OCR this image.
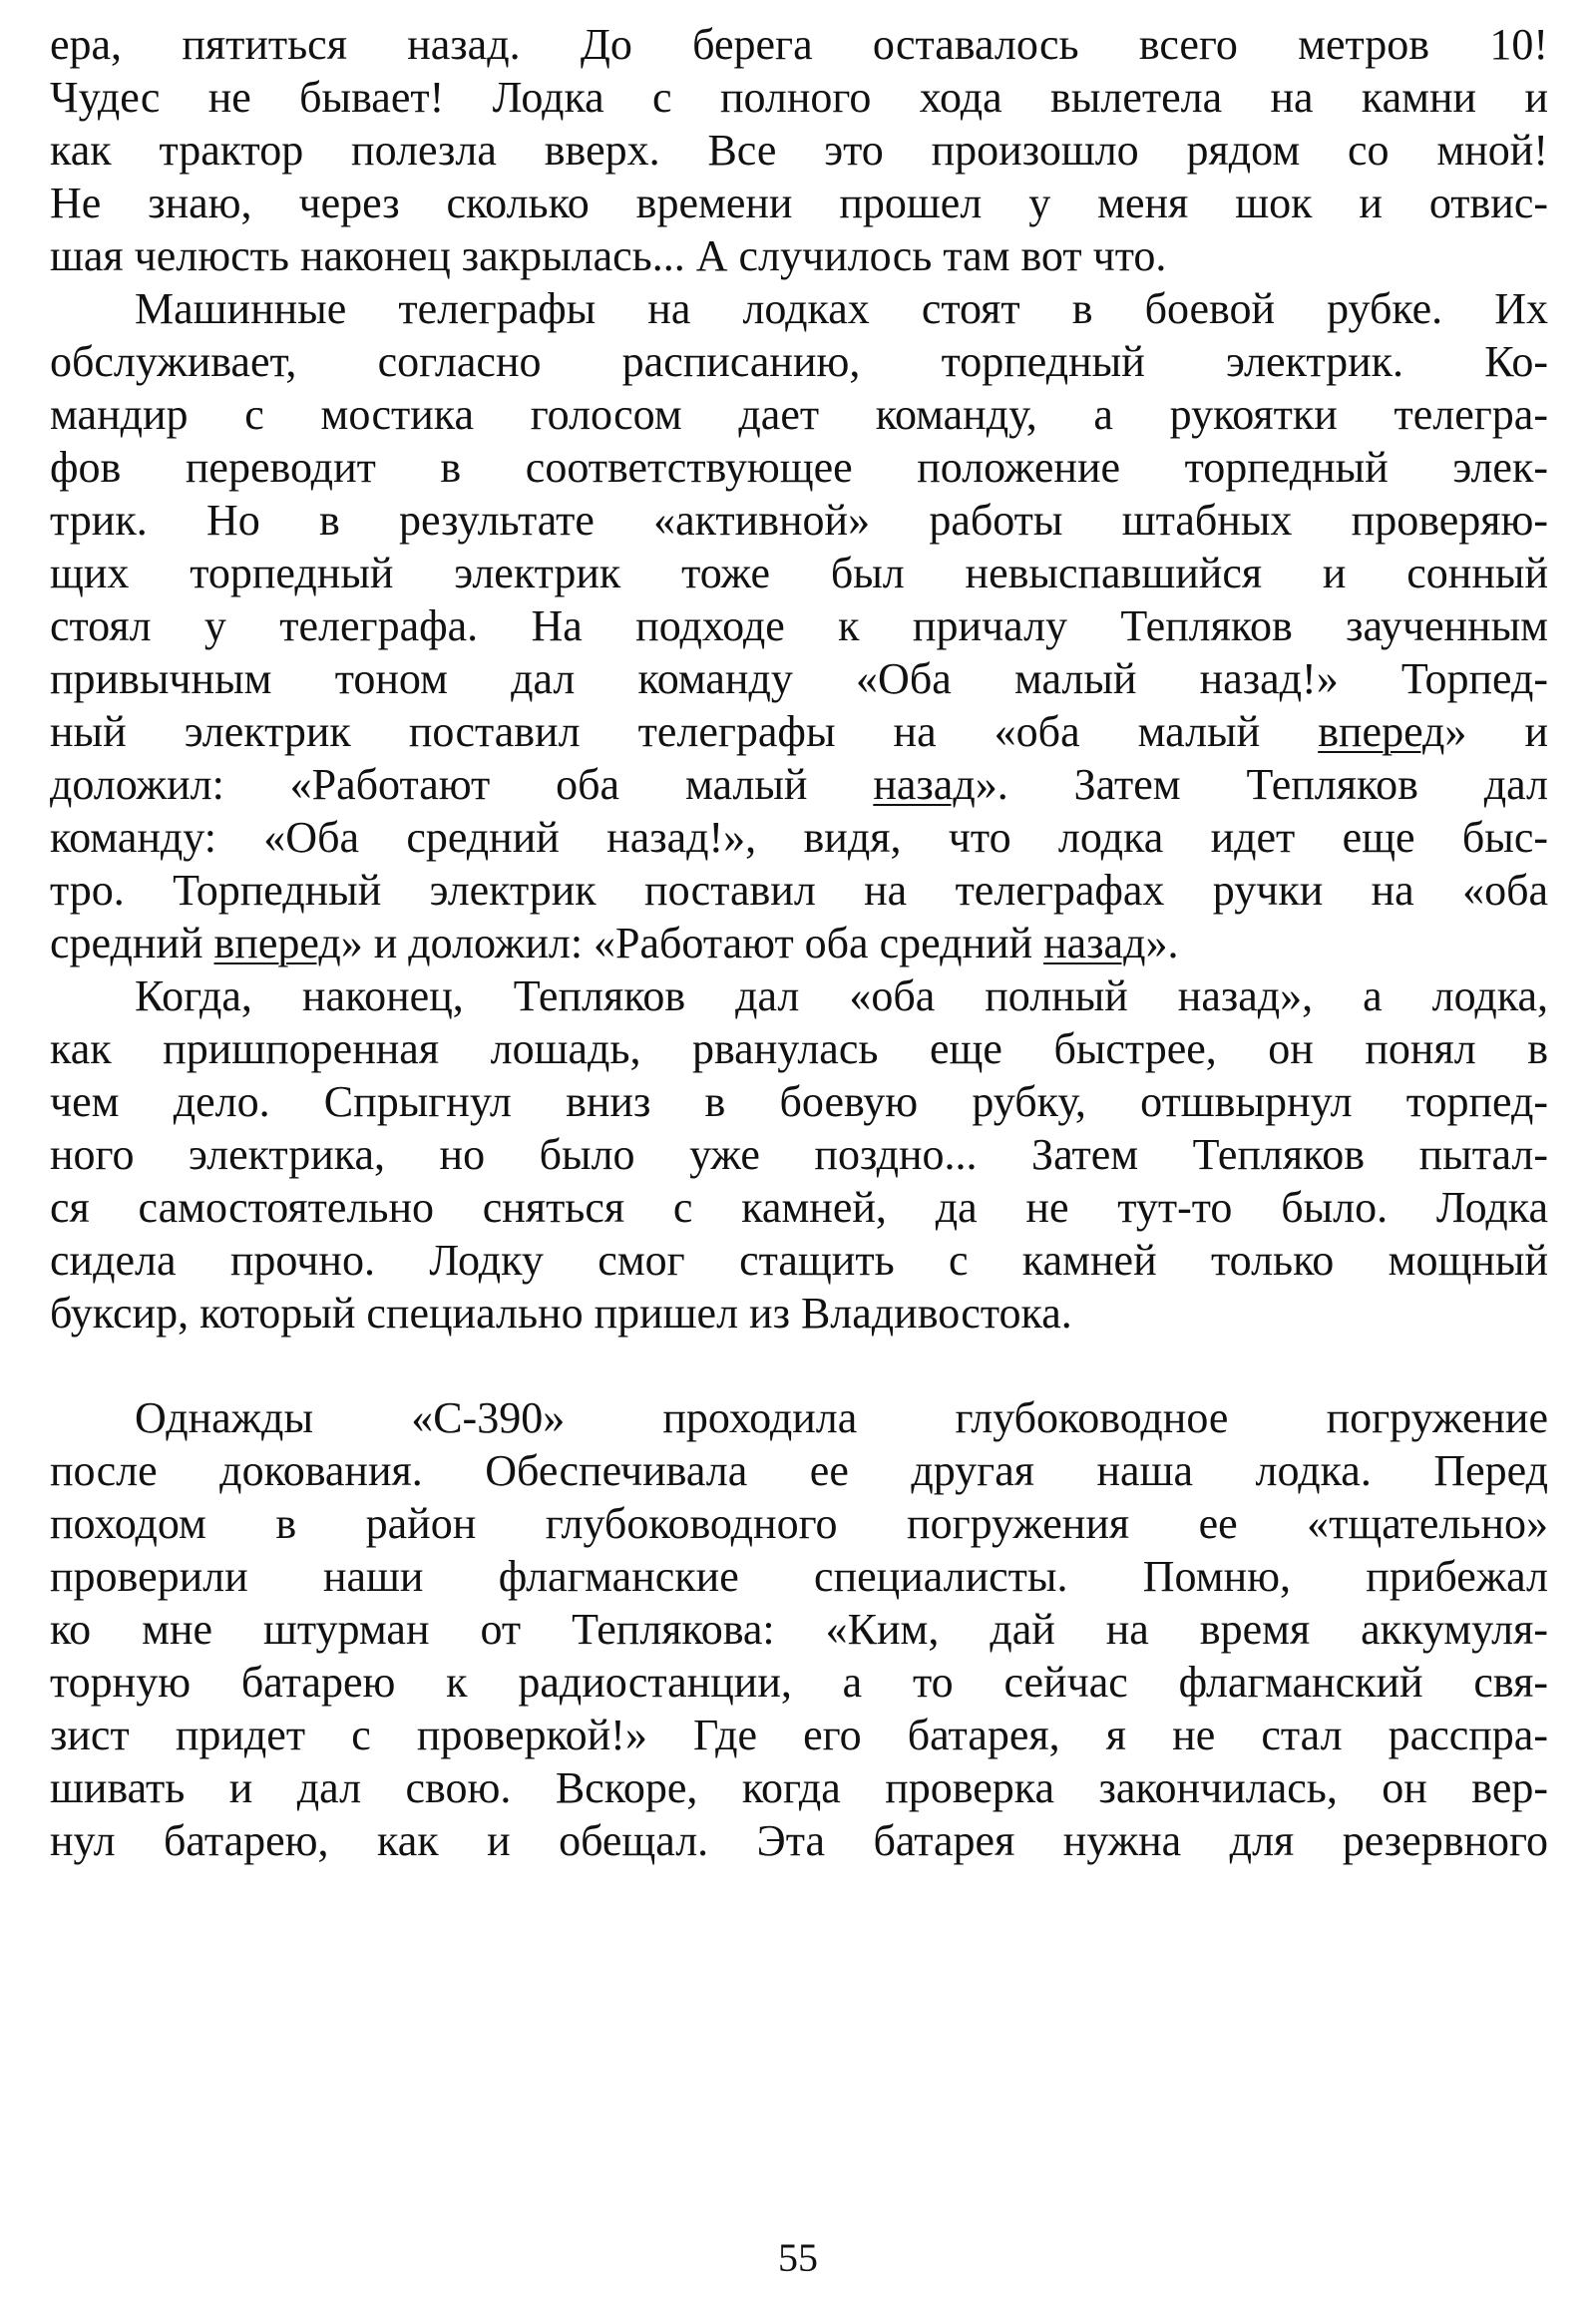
ера, пятиться назад. До берега оставалось всего метров 10!
Чудес не бывает! Лодка с полного хода вылетела на камни и
как трактор полезла вверх. Все это произошло рядом со мной!
Не знаю, через сколько времени прошел у меня шок и отвис-
шая челюсть наконец закрылась... А случилось там вот что.
Машинные телеграфы на лодках стоят в боевой рубке. Их
обслуживает, согласно расписанию, торпедный электрик. Ко-
мандир с мостика голосом дает команду, а рукоятки телегра-
фов переводит в соответствующее положение торпедный элек-
трик. Но в результате «активной» работы штабных проверяю-
щих торпедный электрик тоже был невыспавшийся и сонный
стоял у телеграфа. На подходе к причалу Тепляков заученным
привычным тоном дал команду «Оба малый назад!» Торпед-
ный электрик поставил телеграфы на «оба малый вперед» и
доложил: «Работают оба малый назад». Затем Тепляков дал
команду: «Оба средний назад!», видя, что лодка идет еще быс-
тро. Торпедный электрик поставил на телеграфах ручки на «оба
средний вперед» и доложил: «Работают оба средний назад».
Когда, наконец, Тепляков дал «оба полный назад», а лодка,
как пришпоренная лошадь, рванулась еще быстрее, он понял в
чем дело. Спрыгнул вниз в боевую рубку, отшвырнул торпед-
ного электрика, но было уже поздно... Затем Тепляков пытал-
ся самостоятельно сняться с камней, да не тут-то было. Лодка
сидела прочно. Лодку смог стащить с камней только мощный
буксир, который специально пришел из Владивостока.
Однажды «С-390» проходила глубоководное погружение
после докования. Обеспечивала ее другая наша лодка. Перед
походом в район глубоководного погружения ее «тщательно»
проверили наши флагманские специалисты. Помню, прибежал
ко мне штурман от Теплякова: «Ким, дай на время аккумуля-
торную батарею к радиостанции, а то сейчас флагманский свя-
зист придет с проверкой!» Где его батарея, я не стал расспра-
шивать и дал свою. Вскоре, когда проверка закончилась, он вер-
нул батарею, как и обещал. Эта батарея нужна для резервного
55
